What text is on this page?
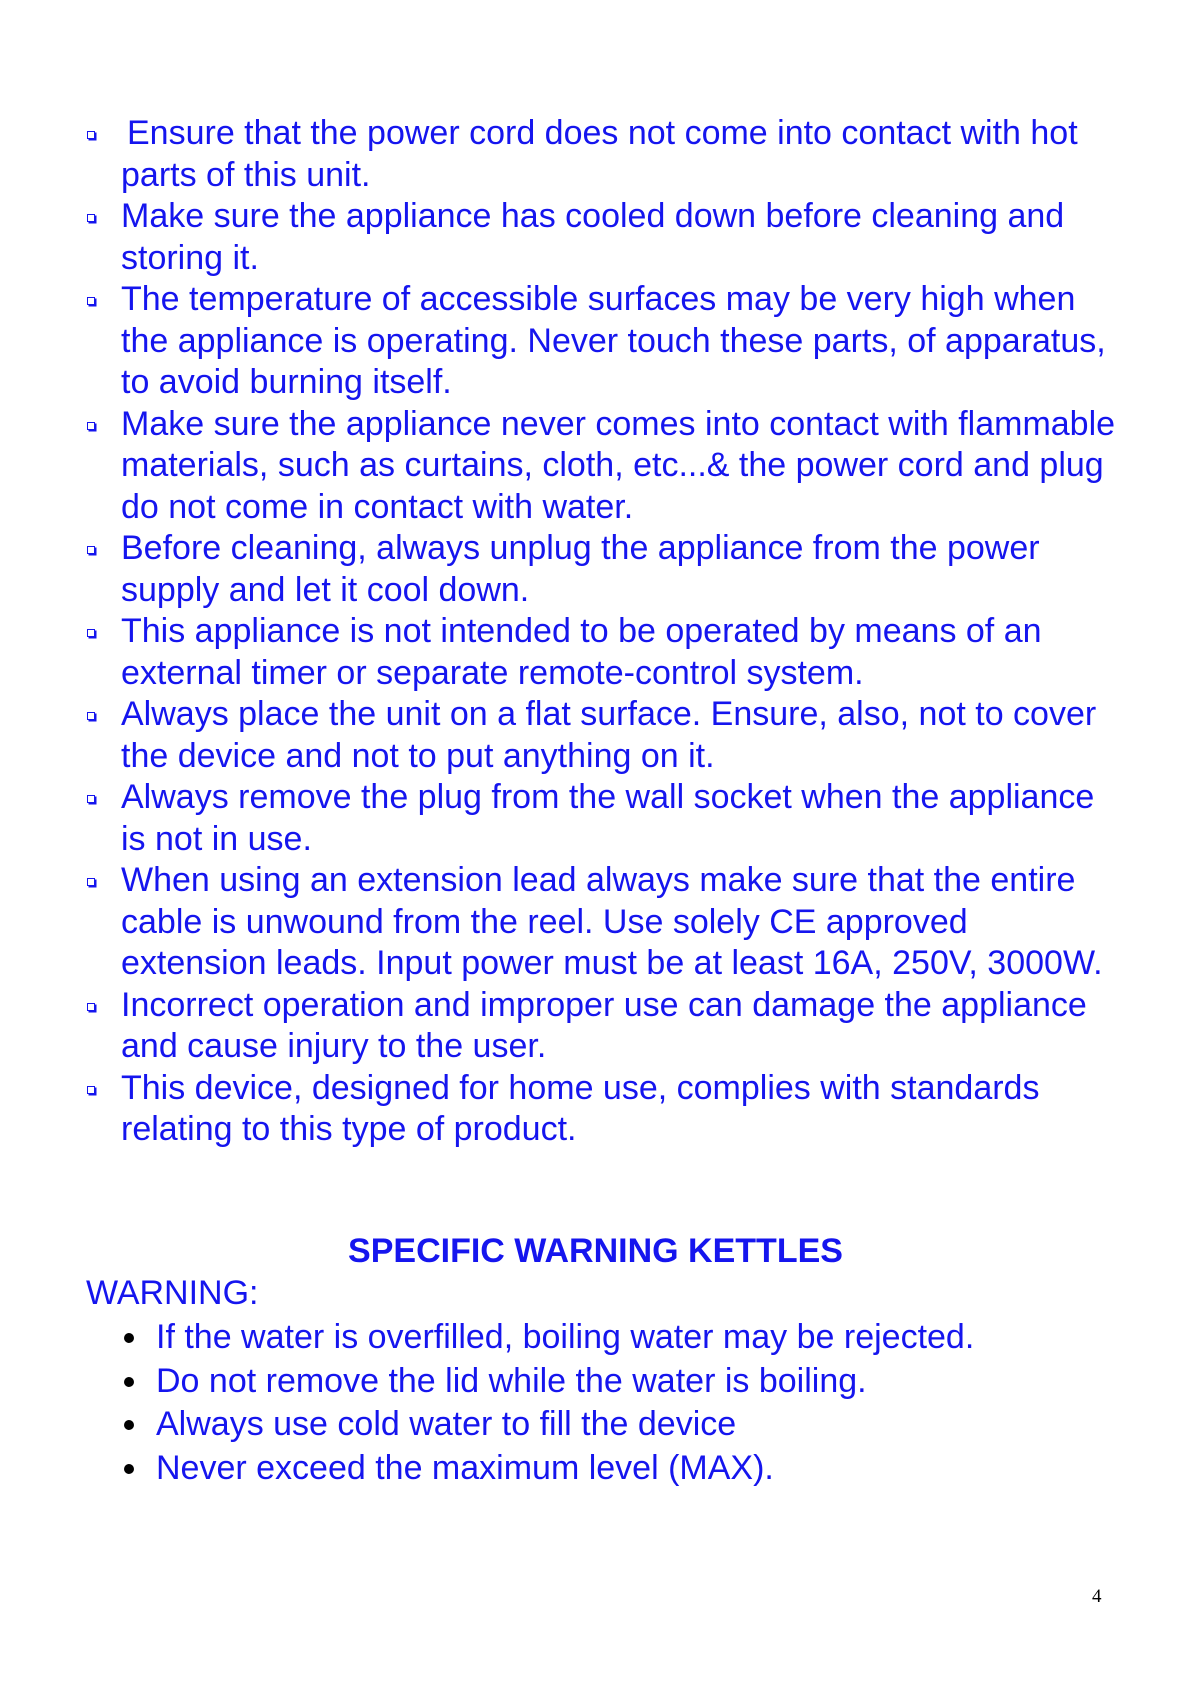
Ensure that the power cord does not come into contact with hot parts of this unit.
Make sure the appliance has cooled down before cleaning and storing it.
The temperature of accessible surfaces may be very high when the appliance is operating. Never touch these parts, of apparatus, to avoid burning itself.
Make sure the appliance never comes into contact with flammable materials, such as curtains, cloth, etc...& the power cord and plug do not come in contact with water.
Before cleaning, always unplug the appliance from the power supply and let it cool down.
This appliance is not intended to be operated by means of an external timer or separate remote-control system.
Always place the unit on a flat surface. Ensure, also, not to cover the device and not to put anything on it.
Always remove the plug from the wall socket when the appliance is not in use.
When using an extension lead always make sure that the entire cable is unwound from the reel. Use solely CE approved extension leads. Input power must be at least 16A, 250V, 3000W.
Incorrect operation and improper use can damage the appliance and cause injury to the user.
This device, designed for home use, complies with standards relating to this type of product.
SPECIFIC WARNING KETTLES

WARNING:

If the water is overfilled, boiling water may be rejected.
Do not remove the lid while the water is boiling.
Always use cold water to fill the device
Never exceed the maximum level (MAX).
4
